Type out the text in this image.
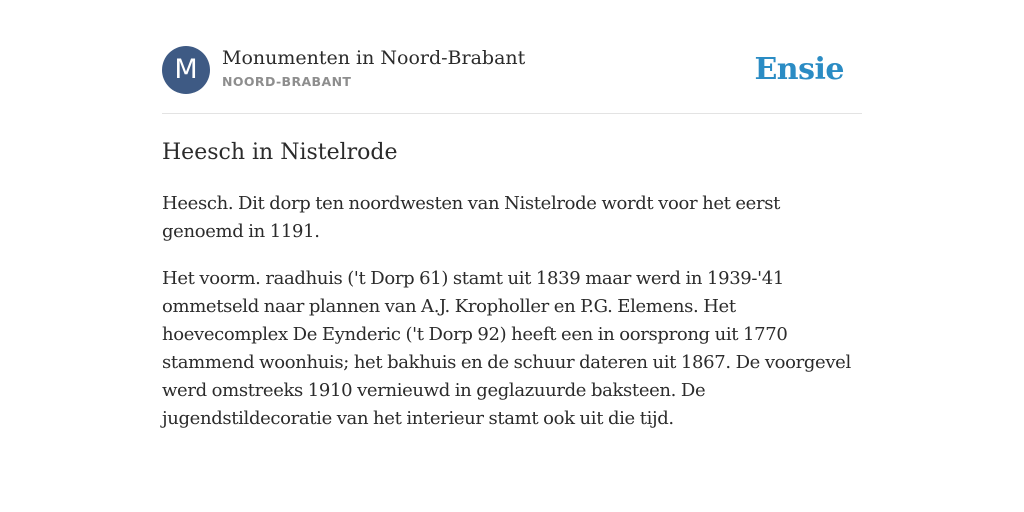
M	Monumenten in Noord-Brabant
NOORD-BRABANT	Ensie
Heesch in Nistelrode

Heesch. Dit dorp ten noordwesten van Nistelrode wordt voor het eerst genoemd in 1191.

Het voorm. raadhuis ('t Dorp 61) stamt uit 1839 maar werd in 1939-'41 ommetseld naar plannen van A.J. Kropholler en P.G. Elemens. Het hoevecomplex De Eynderic ('t Dorp 92) heeft een in oorsprong uit 1770 stammend woonhuis; het bakhuis en de schuur dateren uit 1867. De voorgevel werd omstreeks 1910 vernieuwd in geglazuurde baksteen. De jugendstildecoratie van het interieur stamt ook uit die tijd.
